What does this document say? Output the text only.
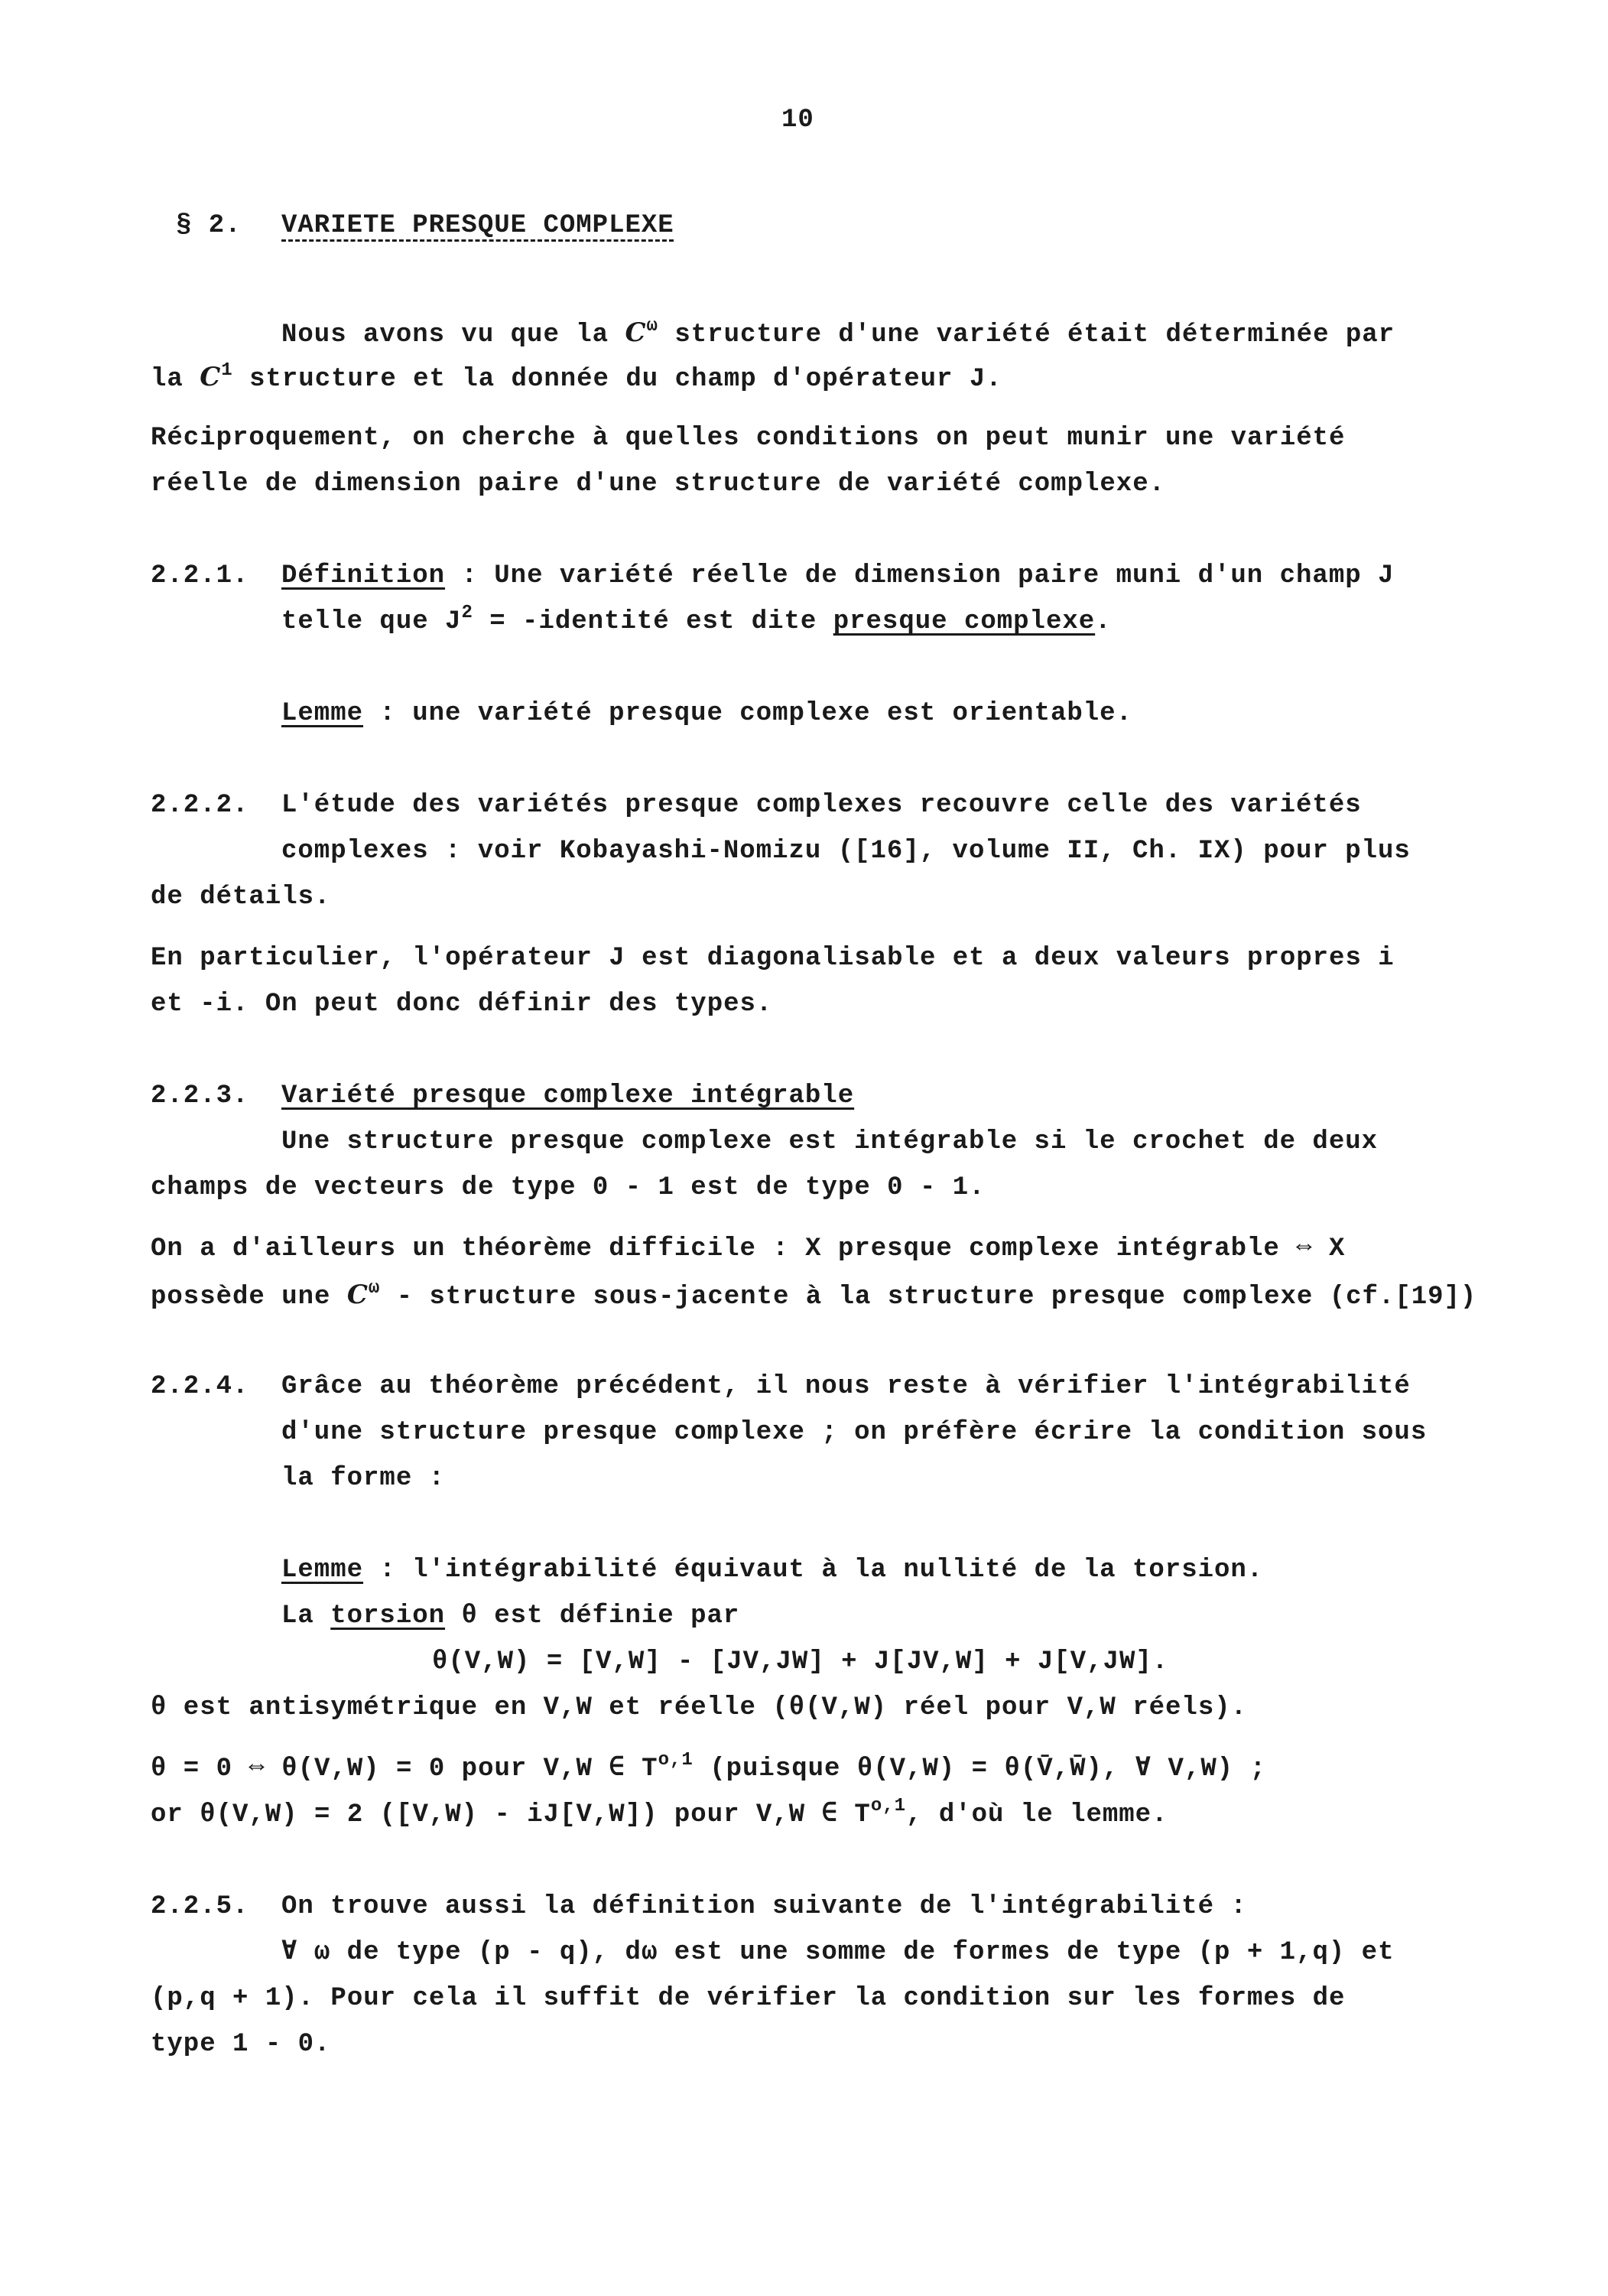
10
§ 2. VARIETE PRESQUE COMPLEXE
Nous avons vu que la $C^\omega$ structure d'une variété était déterminée par
la $C^1$ structure et la donnée du champ d'opérateur J.
Réciproquement, on cherche à quelles conditions on peut munir une variété
réelle de dimension paire d'une structure de variété complexe.
2.2.1. Définition : Une variété réelle de dimension paire muni d'un champ J
telle que $J^2$ = -identité est dite presque complexe.
Lemme : une variété presque complexe est orientable.
2.2.2. L'étude des variétés presque complexes recouvre celle des variétés
complexes : voir Kobayashi-Nomizu ([16], volume II, Ch. IX) pour plus
de détails.
En particulier, l'opérateur J est diagonalisable et a deux valeurs propres i
et -i. On peut donc définir des types.
2.2.3. Variété presque complexe intégrable
Une structure presque complexe est intégrable si le crochet de deux
champs de vecteurs de type 0 - 1 est de type 0 - 1.
On a d'ailleurs un théorème difficile : X presque complexe intégrable ⇔ X
possède une $C^\omega$ - structure sous-jacente à la structure presque complexe (cf.[19])
2.2.4. Grâce au théorème précédent, il nous reste à vérifier l'intégrabilité
d'une structure presque complexe ; on préfère écrire la condition sous
la forme :
Lemme : l'intégrabilité équivaut à la nullité de la torsion.
La torsion θ est définie par
θ(V,W) = [V,W] - [JV,JW] + J[JV,W] + J[V,JW].
θ est antisymétrique en V,W et réelle (θ(V,W) réel pour V,W réels).
θ = 0 ⇔ θ(V,W) = 0 pour V,W ∈ T$^{o,1}$ (puisque θ(V,W) = θ(V̄,W̄), ∀ V,W) ;
or θ(V,W) = 2 ([V,W) - iJ[V,W]) pour V,W ∈ T$^{o,1}$, d'où le lemme.
2.2.5. On trouve aussi la définition suivante de l'intégrabilité :
∀ ω de type (p - q), dω est une somme de formes de type (p + 1,q) et
(p,q + 1). Pour cela il suffit de vérifier la condition sur les formes de
type 1 - 0.
